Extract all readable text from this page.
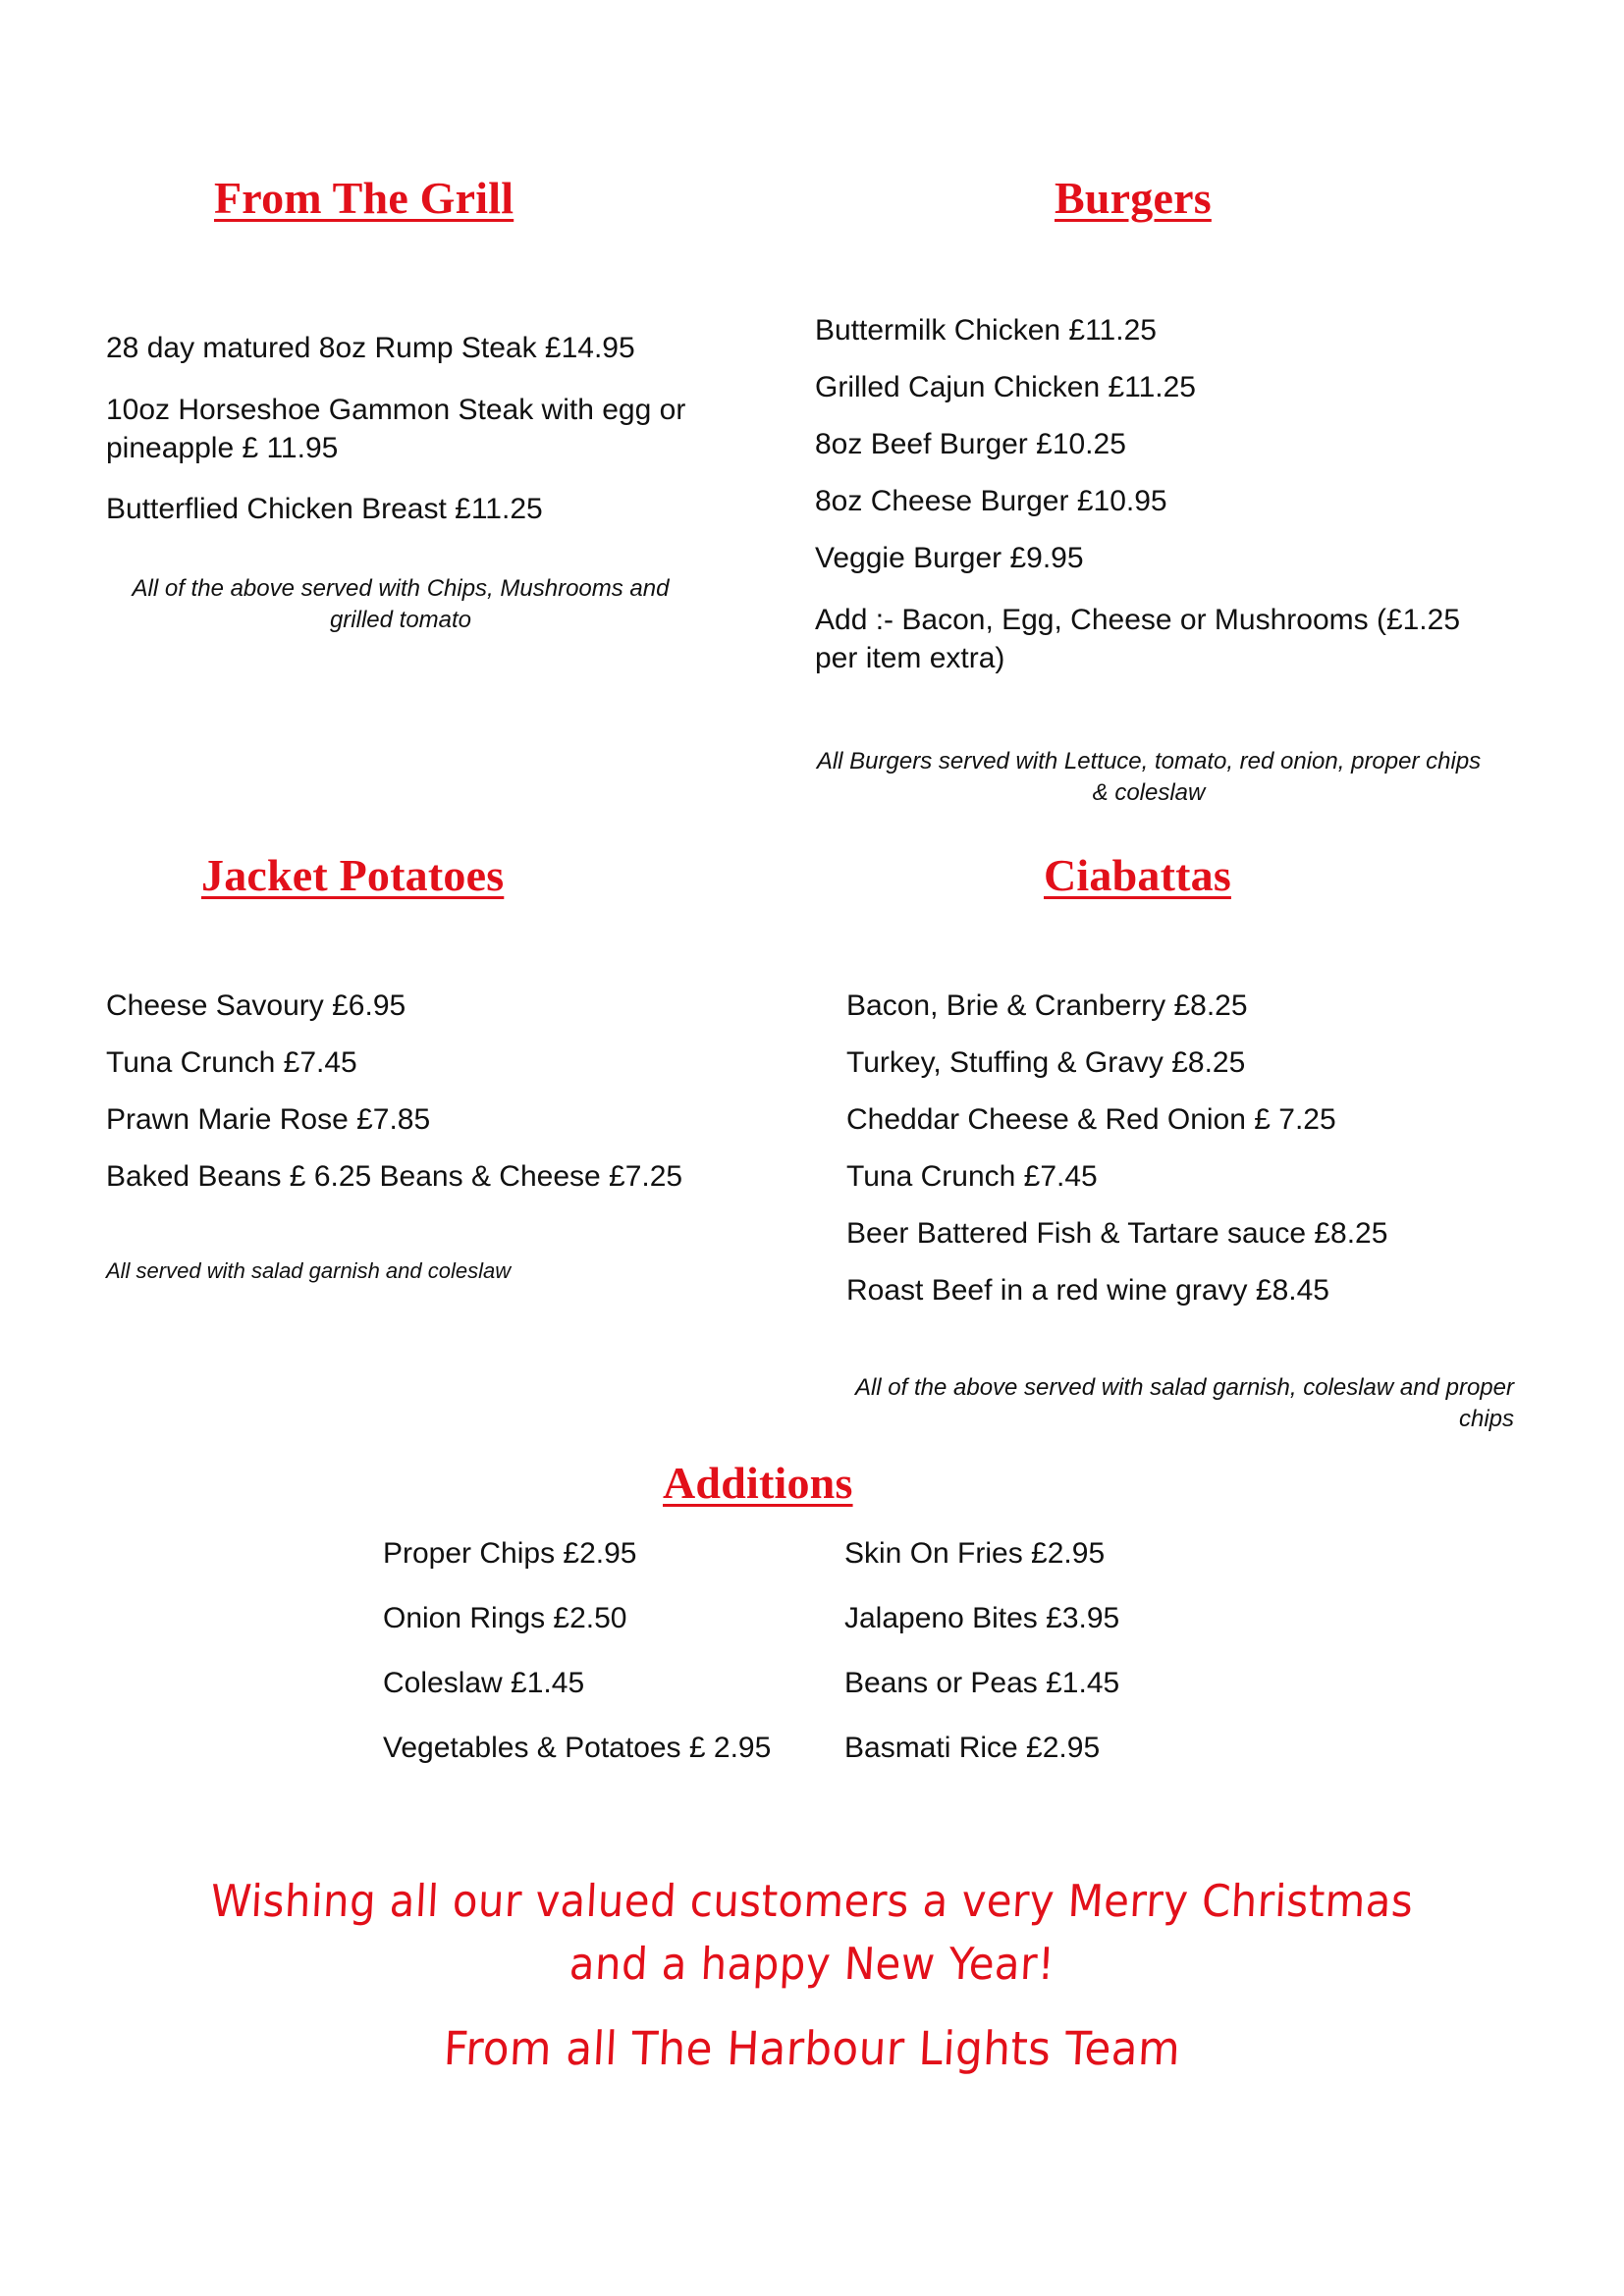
From The Grill
28 day matured 8oz Rump Steak £14.95
10oz Horseshoe Gammon Steak with egg or pineapple £ 11.95
Butterflied Chicken Breast £11.25
All of the above served with Chips, Mushrooms and grilled tomato
Burgers
Buttermilk Chicken £11.25
Grilled Cajun Chicken £11.25
8oz Beef Burger £10.25
8oz Cheese Burger £10.95
Veggie Burger £9.95
Add :- Bacon, Egg, Cheese or Mushrooms (£1.25 per item extra)
All Burgers served with Lettuce, tomato, red onion, proper chips & coleslaw
Jacket Potatoes
Cheese Savoury £6.95
Tuna Crunch £7.45
Prawn Marie Rose £7.85
Baked Beans £ 6.25 Beans & Cheese £7.25
All served with salad garnish and coleslaw
Ciabattas
Bacon, Brie & Cranberry £8.25
Turkey, Stuffing & Gravy £8.25
Cheddar Cheese & Red Onion £ 7.25
Tuna Crunch £7.45
Beer Battered Fish & Tartare sauce £8.25
Roast Beef in a red wine gravy £8.45
All of the above served with salad garnish, coleslaw and proper chips
Additions
Proper Chips £2.95	Skin On Fries £2.95
Onion Rings £2.50	Jalapeno Bites £3.95
Coleslaw £1.45	Beans or Peas £1.45
Vegetables & Potatoes £ 2.95	Basmati Rice £2.95
Wishing all our valued customers a very Merry Christmas
and a happy New Year!
From all The Harbour Lights Team
